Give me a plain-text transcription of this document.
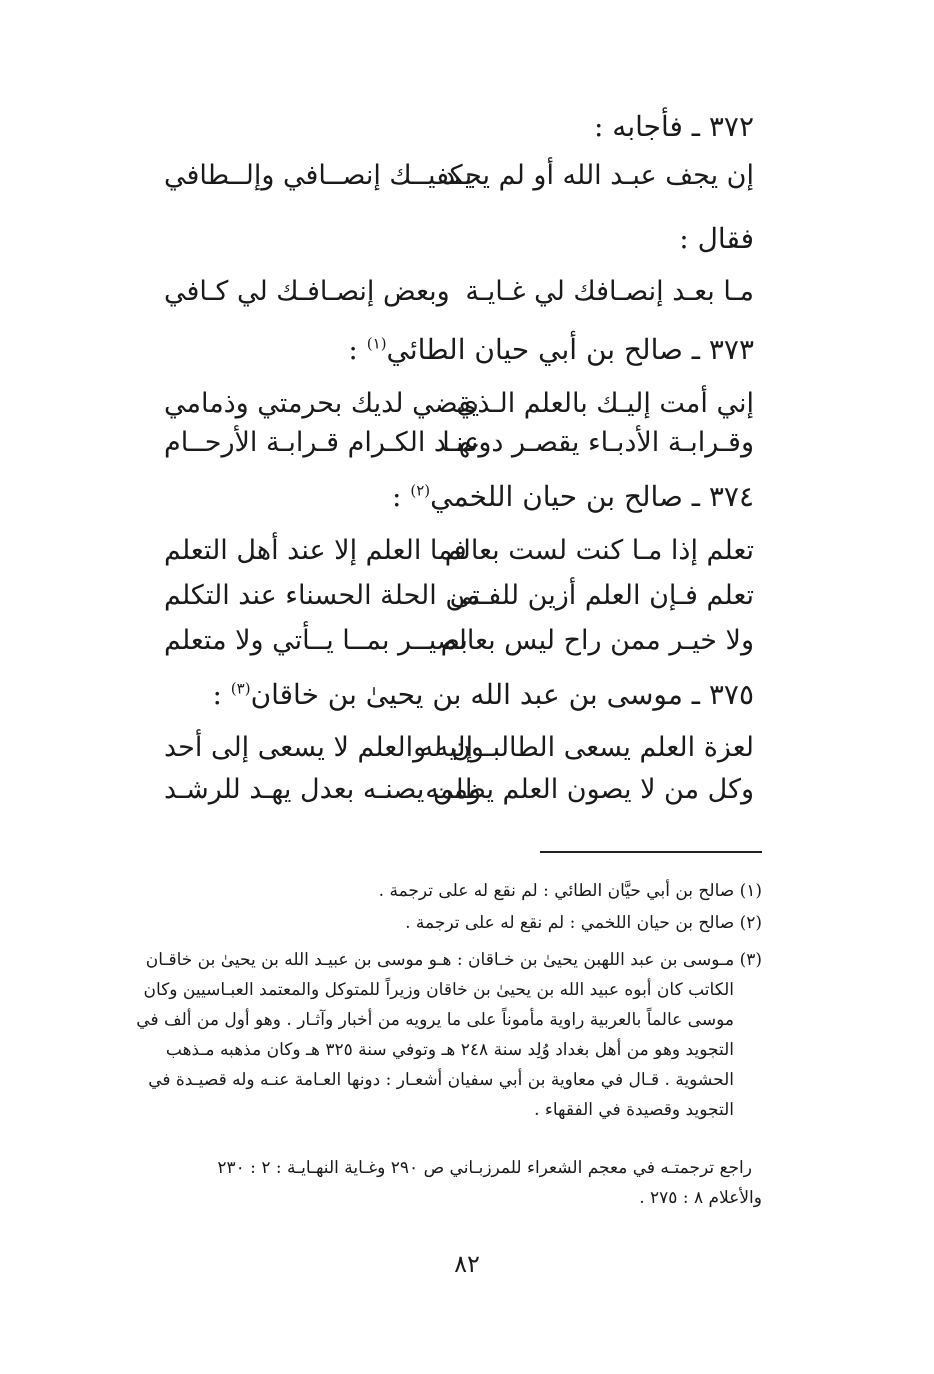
٣٧٢ ـ فأجابه :
إن يجف عبـد الله أو لم يجـد
يكفيــك إنصــافي وإلــطافي
فقال :
مـا بعـد إنصـافك لي غـايـة
وبعض إنصـافـك لي كـافي
٣٧٣ ـ صالح بن أبي حيان الطائي$^{(١)}$ :
إني أمت إليـك بالعلم الـذي
يقضي لديك بحرمتي وذمامي
وقـرابـة الأدبـاء يقصـر دونهـا
عنـد الكـرام قـرابـة الأرحــام
٣٧٤ ـ صالح بن حيان اللخمي$^{(٢)}$ :
تعلم إذا مـا كنت لست بعالم
فما العلم إلا عند أهل التعلم
تعلم فـإن العلم أزين للفـتى
من الحلة الحسناء عند التكلم
ولا خيـر ممن راح ليس بعالم
بصيــر بمــا يــأتي ولا متعلم
٣٧٥ ـ موسى بن عبد الله بن يحيىٰ بن خاقان$^{(٣)}$ :
لعزة العلم يسعى الطالبـون له
إليه والعلم لا يسعى إلى أحد
وكل من لا يصون العلم يظلمه
ومن يصنـه بعدل يهـد للرشـد
(١) صالح بن أبي حيَّان الطائي : لم نقع له على ترجمة .
(٢) صالح بن حيان اللخمي : لم نقع له على ترجمة .
(٣) مـوسى بن عبد اللهبن يحيىٰ بن خـاقان : هـو موسى بن عبيـد الله بن يحيىٰ بن خاقـان
الكاتب كان أبوه عبيد الله بن يحيىٰ بن خاقان وزيراً للمتوكل والمعتمد العبـاسيين وكان
موسى عالماً بالعربية راوية مأموناً على ما يرويه من أخبار وآثـار . وهو أول من ألف في
التجويد وهو من أهل بغداد وُلِد سنة ٢٤٨ هـ وتوفي سنة ٣٢٥ هـ وكان مذهبه مـذهب
الحشوية . قـال في معاوية بن أبي سفيان أشعـار : دونها العـامة عنـه وله قصيـدة في
التجويد وقصيدة في الفقهاء .
راجع ترجمتـه في معجم الشعراء للمرزبـاني ص ٢٩٠ وغـاية النهـايـة : ٢ : ٢٣٠
والأعلام ٨ : ٢٧٥ .
٨٢
